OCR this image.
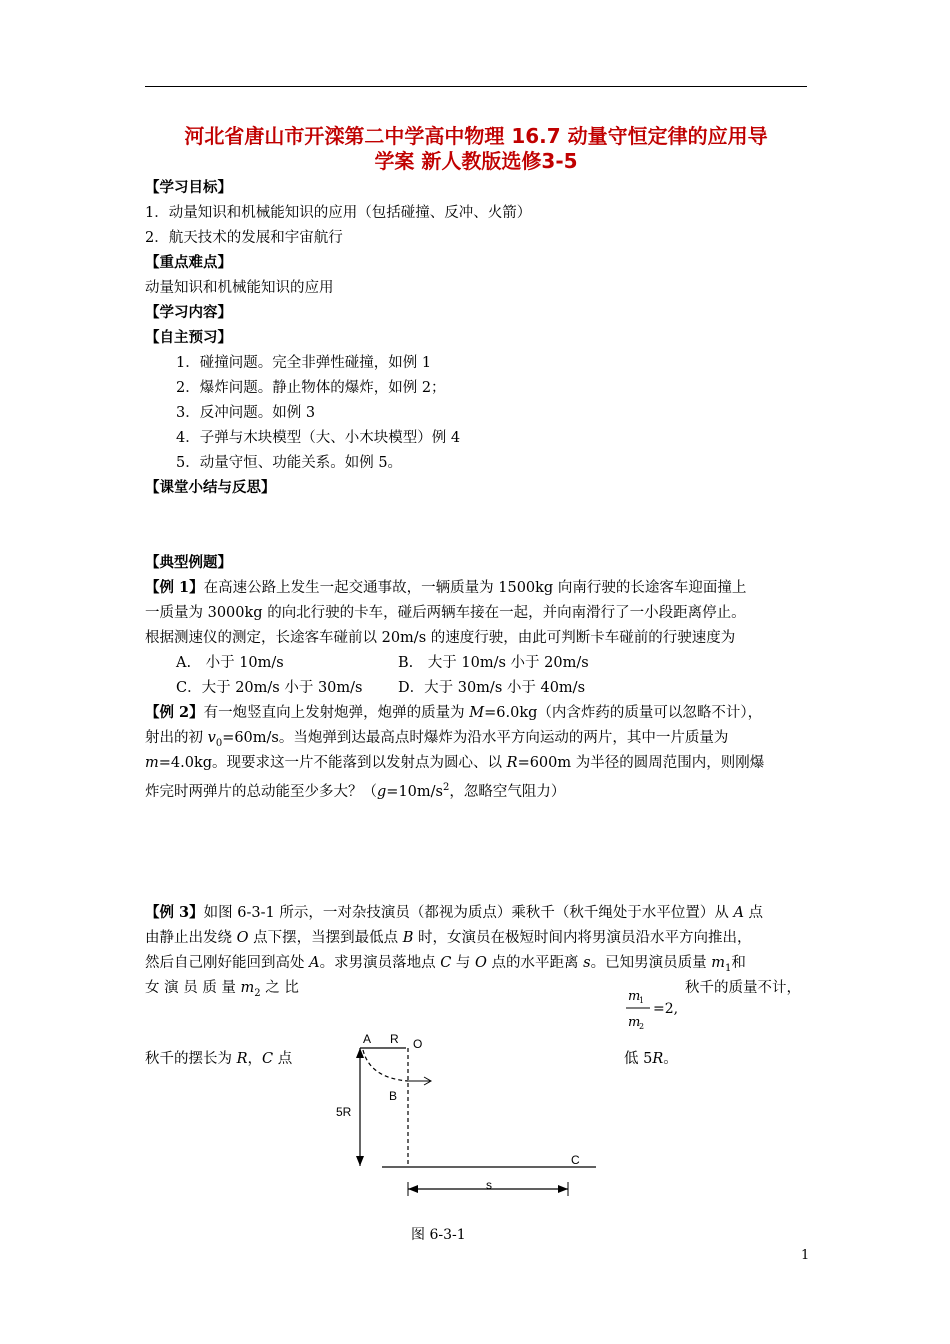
河北省唐山市开滦第二中学高中物理 16.7 动量守恒定律的应用导
学案 新人教版选修3-5
【学习目标】
1．动量知识和机械能知识的应用（包括碰撞、反冲、火箭）
2．航天技术的发展和宇宙航行
【重点难点】
动量知识和机械能知识的应用
【学习内容】
【自主预习】
1．碰撞问题。完全非弹性碰撞，如例 1
2．爆炸问题。静止物体的爆炸，如例 2；
3．反冲问题。如例 3
4．子弹与木块模型（大、小木块模型）例 4
5．动量守恒、功能关系。如例 5。
【课堂小结与反思】
【典型例题】
【例 1】在高速公路上发生一起交通事故，一辆质量为 1500kg 向南行驶的长途客车迎面撞上
一质量为 3000kg 的向北行驶的卡车，碰后两辆车接在一起，并向南滑行了一小段距离停止。
根据测速仪的测定，长途客车碰前以 20m/s 的速度行驶，由此可判断卡车碰前的行驶速度为
A.　小于 10m/s	B.　大于 10m/s 小于 20m/s
C．大于 20m/s 小于 30m/s D．大于 30m/s 小于 40m/s
【例 2】有一炮竖直向上发射炮弹，炮弹的质量为 M=6.0kg（内含炸药的质量可以忽略不计），
射出的初 $v_0=60m/s$。当炮弹到达最高点时爆炸为沿水平方向运动的两片，其中一片质量为
m=4.0kg。现要求这一片不能落到以发射点为圆心、以 R=600m 为半径的圆周范围内，则刚爆
炸完时两弹片的总动能至少多大？（$g=10m/s^2$，忽略空气阻力）
【例 3】如图 6-3-1 所示，一对杂技演员（都视为质点）乘秋千（秋千绳处于水平位置）从 A 点
由静止出发绕 O 点下摆，当摆到最低点 B 时，女演员在极短时间内将男演员沿水平方向推出，
然后自己刚好能回到高处 A。求男演员落地点 C 与 O 点的水平距离 s。已知男演员质量 $m_1$和
女 演 员 质 量 $m_2$ 之 比	秋千的质量不计，
m
1
m
2
=2,
秋千的摆长为 R，C 点	低 5R。
A R O
B
5R
C
s
图 6-3-1
1
